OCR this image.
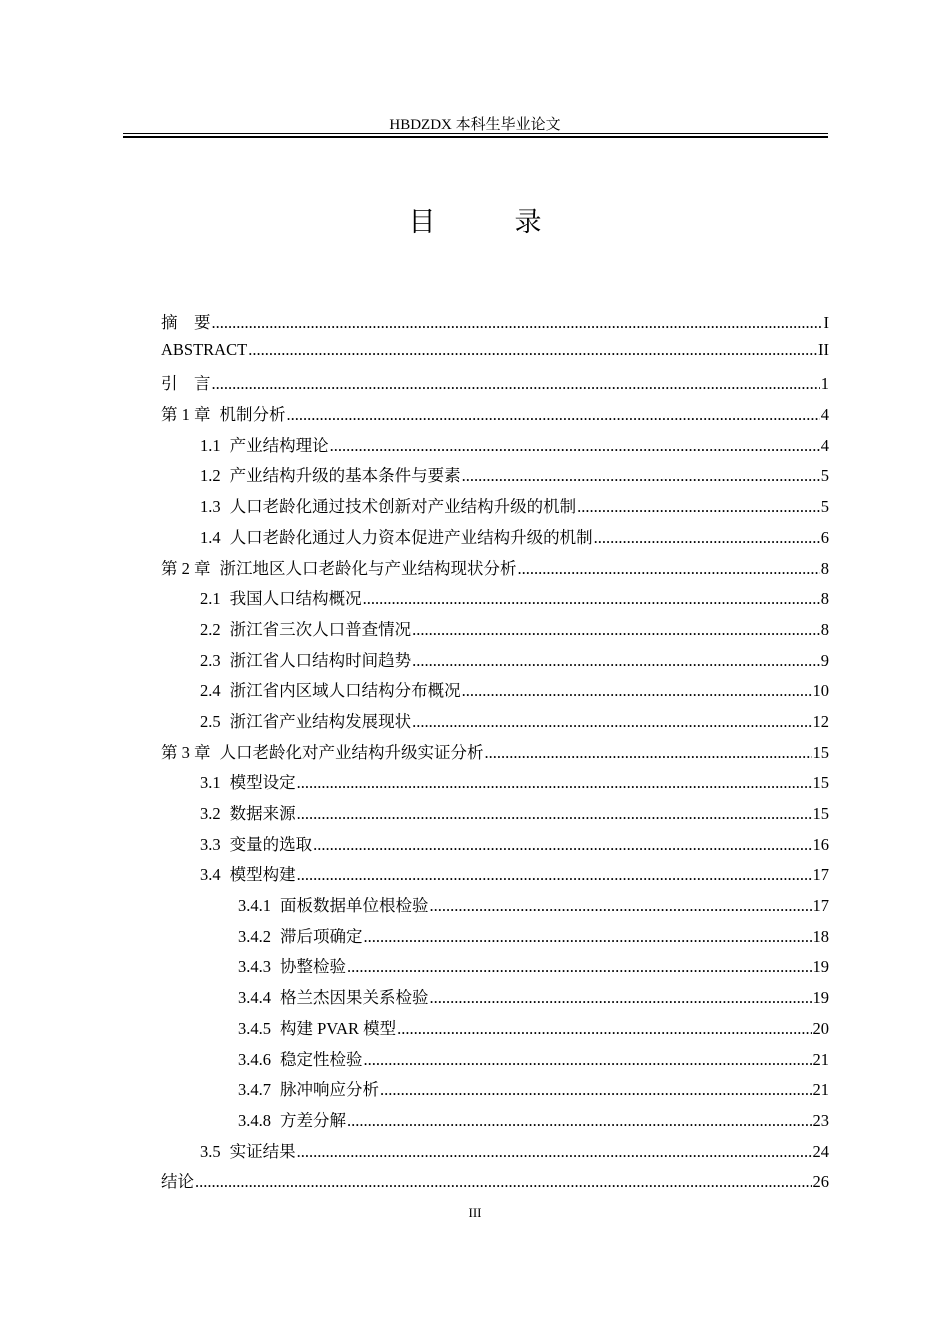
HBDZDX 本科生毕业论文
目　录
摘　要 .....	I
ABSTRACT .....	II
引　言 .....	1
第 1 章 机制分析 .....	4
1.1 产业结构理论 .....	4
1.2 产业结构升级的基本条件与要素 .....	5
1.3 人口老龄化通过技术创新对产业结构升级的机制 .....	5
1.4 人口老龄化通过人力资本促进产业结构升级的机制 .....	6
第 2 章 浙江地区人口老龄化与产业结构现状分析 .....	8
2.1 我国人口结构概况 .....	8
2.2 浙江省三次人口普查情况 .....	8
2.3 浙江省人口结构时间趋势 .....	9
2.4 浙江省内区域人口结构分布概况 .....	10
2.5 浙江省产业结构发展现状 .....	12
第 3 章 人口老龄化对产业结构升级实证分析 .....	15
3.1 模型设定 .....	15
3.2 数据来源 .....	15
3.3 变量的选取 .....	16
3.4 模型构建 .....	17
3.4.1 面板数据单位根检验 .....	17
3.4.2 滞后项确定 .....	18
3.4.3 协整检验 .....	19
3.4.4 格兰杰因果关系检验 .....	19
3.4.5 构建 PVAR 模型 .....	20
3.4.6 稳定性检验 .....	21
3.4.7 脉冲响应分析 .....	21
3.4.8 方差分解 .....	23
3.5 实证结果 .....	24
结论 .....	26
III
